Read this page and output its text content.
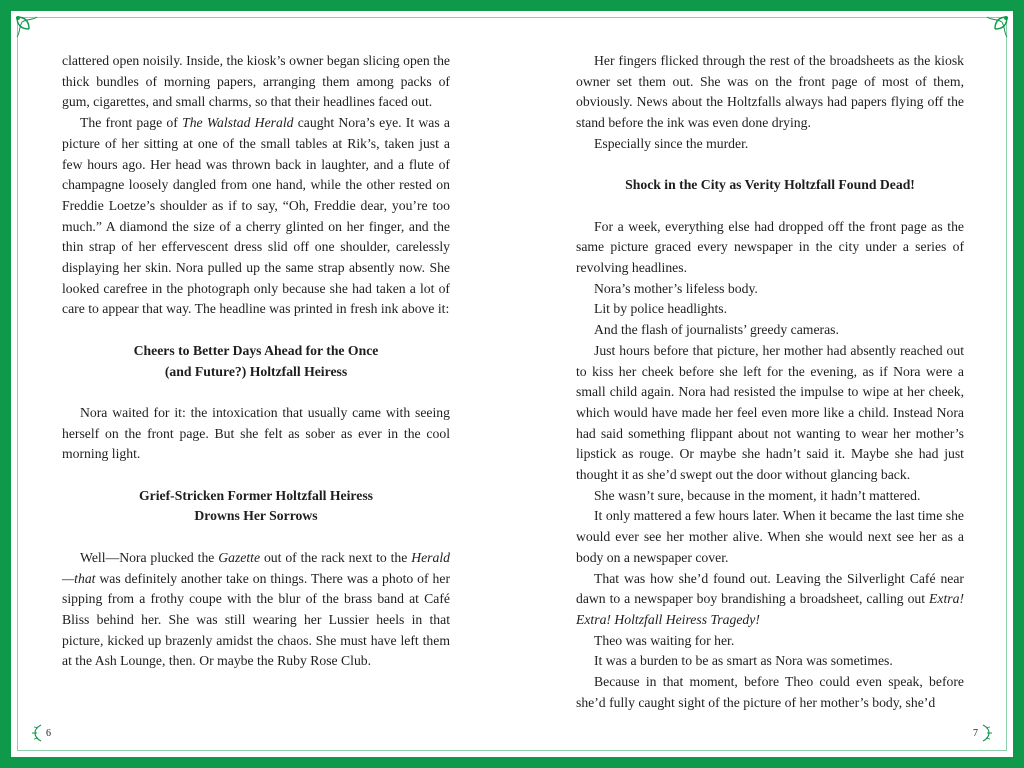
clattered open noisily. Inside, the kiosk’s owner began slicing open the thick bundles of morning papers, arranging them among packs of gum, cigarettes, and small charms, so that their headlines faced out.

The front page of The Walstad Herald caught Nora’s eye. It was a picture of her sitting at one of the small tables at Rik’s, taken just a few hours ago. Her head was thrown back in laughter, and a flute of champagne loosely dangled from one hand, while the other rested on Freddie Loetze’s shoulder as if to say, “Oh, Freddie dear, you’re too much.” A diamond the size of a cherry glinted on her finger, and the thin strap of her effervescent dress slid off one shoulder, carelessly displaying her skin. Nora pulled up the same strap absently now. She looked carefree in the photograph only because she had taken a lot of care to appear that way. The headline was printed in fresh ink above it:

Cheers to Better Days Ahead for the Once
(and Future?) Holtzfall Heiress

Nora waited for it: the intoxication that usually came with seeing herself on the front page. But she felt as sober as ever in the cool morning light.

Grief-Stricken Former Holtzfall Heiress
Drowns Her Sorrows

Well—Nora plucked the Gazette out of the rack next to the Herald—that was definitely another take on things. There was a photo of her sipping from a frothy coupe with the blur of the brass band at Café Bliss behind her. She was still wearing her Lussier heels in that picture, kicked up brazenly amidst the chaos. She must have left them at the Ash Lounge, then. Or maybe the Ruby Rose Club.

Her fingers flicked through the rest of the broadsheets as the kiosk owner set them out. She was on the front page of most of them, obviously. News about the Holtzfalls always had papers flying off the stand before the ink was even done drying.

Especially since the murder.

Shock in the City as Verity Holtzfall Found Dead!

For a week, everything else had dropped off the front page as the same picture graced every newspaper in the city under a series of revolving headlines.

Nora’s mother’s lifeless body.

Lit by police headlights.

And the flash of journalists’ greedy cameras.

Just hours before that picture, her mother had absently reached out to kiss her cheek before she left for the evening, as if Nora were a small child again. Nora had resisted the impulse to wipe at her cheek, which would have made her feel even more like a child. Instead Nora had said something flippant about not wanting to wear her mother’s lipstick as rouge. Or maybe she hadn’t said it. Maybe she had just thought it as she’d swept out the door without glancing back.

She wasn’t sure, because in the moment, it hadn’t mattered.

It only mattered a few hours later. When it became the last time she would ever see her mother alive. When she would next see her as a body on a newspaper cover.

That was how she’d found out. Leaving the Silverlight Café near dawn to a newspaper boy brandishing a broadsheet, calling out Extra! Extra! Holtzfall Heiress Tragedy!

Theo was waiting for her.

It was a burden to be as smart as Nora was sometimes.

Because in that moment, before Theo could even speak, before she’d fully caught sight of the picture of her mother’s body, she’d

6	7
